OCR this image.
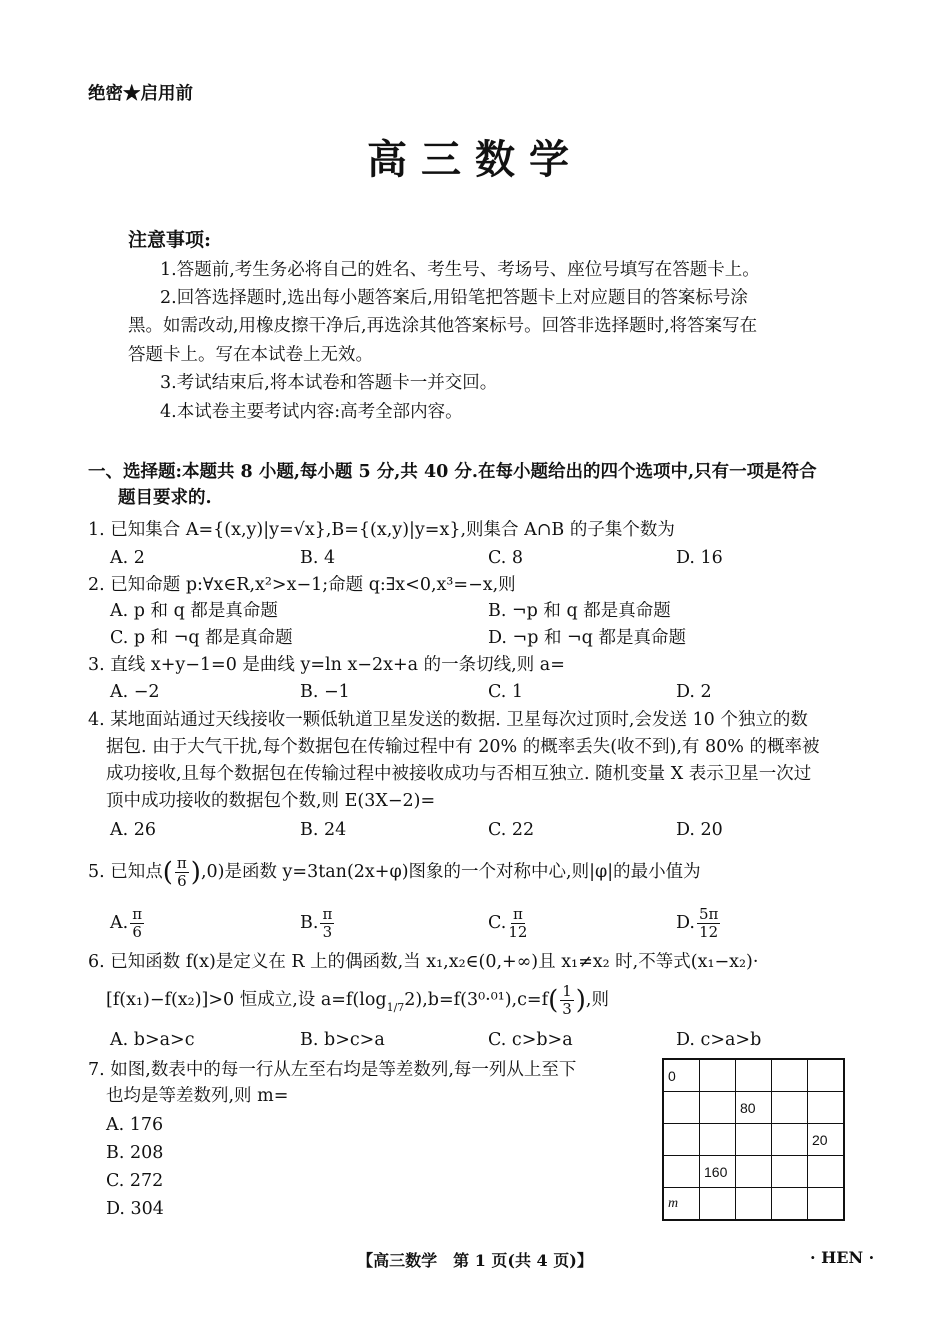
绝密★启用前
高三数学
注意事项:
1.答题前,考生务必将自己的姓名、考生号、考场号、座位号填写在答题卡上。
2.回答选择题时,选出每小题答案后,用铅笔把答题卡上对应题目的答案标号涂
黑。如需改动,用橡皮擦干净后,再选涂其他答案标号。回答非选择题时,将答案写在
答题卡上。写在本试卷上无效。
3.考试结束后,将本试卷和答题卡一并交回。
4.本试卷主要考试内容:高考全部内容。
一、选择题:本题共 8 小题,每小题 5 分,共 40 分.在每小题给出的四个选项中,只有一项是符合
题目要求的.
1. 已知集合 A={(x,y)|y=√x},B={(x,y)|y=x},则集合 A∩B 的子集个数为
A. 2	B. 4	C. 8	D. 16
2. 已知命题 p:∀x∈R,x²>x−1;命题 q:∃x<0,x³=−x,则
A. p 和 q 都是真命题	B. ¬p 和 q 都是真命题
C. p 和 ¬q 都是真命题	D. ¬p 和 ¬q 都是真命题
3. 直线 x+y−1=0 是曲线 y=ln x−2x+a 的一条切线,则 a=
A. −2	B. −1	C. 1	D. 2
4. 某地面站通过天线接收一颗低轨道卫星发送的数据. 卫星每次过顶时,会发送 10 个独立的数
据包. 由于大气干扰,每个数据包在传输过程中有 20% 的概率丢失(收不到),有 80% 的概率被
成功接收,且每个数据包在传输过程中被接收成功与否相互独立. 随机变量 X 表示卫星一次过
顶中成功接收的数据包个数,则 E(3X−2)=
A. 26	B. 24	C. 22	D. 20
5. 已知点( $\frac{\pi}{6} ),0$)是函数 y=3tan(2x+φ)图象的一个对称中心,则|φ|的最小值为
A. $\frac{\pi}{6}$	B. $\frac{\pi}{3}$	C. $\frac{\pi}{12}$	D. $\frac{5\pi}{12}$
6. 已知函数 f(x)是定义在 R 上的偶函数,当 x₁,x₂∈(0,+∞)且 x₁≠x₂ 时,不等式(x₁−x₂)·
[f(x₁)−f(x₂)]>0 恒成立,设 $a=f(\log_{1/7}2),b=f(3^0\cdot^{01}),c=f( \frac{1}{3}$ ),则
A. b>a>c	B. b>c>a	C. c>b>a	D. c>a>b
7. 如图,数表中的每一行从左至右均是等差数列,每一列从上至下
也均是等差数列,则 m=
A. 176
B. 208
C. 272
D. 304
0				
		80		
				20
	160			
m				
【高三数学　第 1 页(共 4 页)】	· HEN ·
